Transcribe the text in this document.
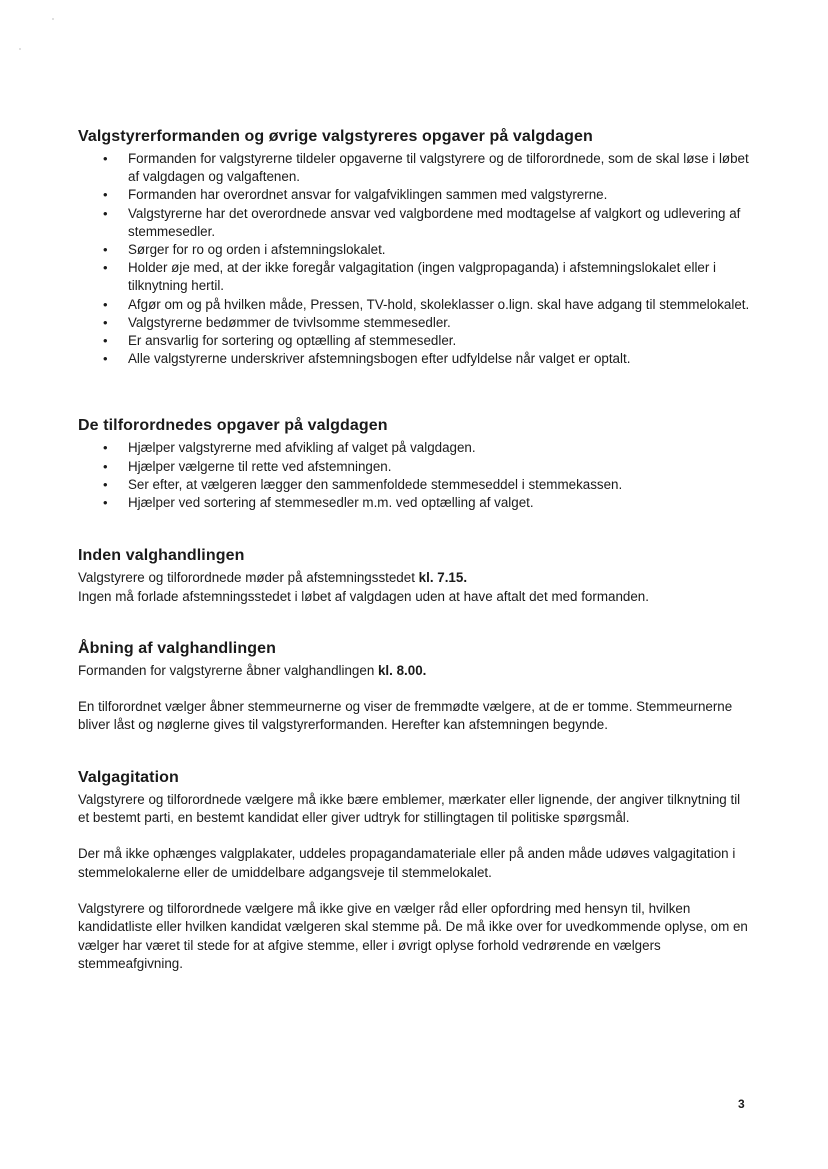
Valgstyrerformanden og øvrige valgstyreres opgaver på valgdagen
• Formanden for valgstyrerne tildeler opgaverne til valgstyrere og de tilforordnede, som de skal løse i løbet af valgdagen og valgaftenen.
• Formanden har overordnet ansvar for valgafviklingen sammen med valgstyrerne.
• Valgstyrerne har det overordnede ansvar ved valgbordene med modtagelse af valgkort og udlevering af stemmesedler.
• Sørger for ro og orden i afstemningslokalet.
• Holder øje med, at der ikke foregår valgagitation (ingen valgpropaganda) i afstemningslokalet eller i tilknytning hertil.
• Afgør om og på hvilken måde, Pressen, TV-hold, skoleklasser o.lign. skal have adgang til stemmelokalet.
• Valgstyrerne bedømmer de tvivlsomme stemmesedler.
• Er ansvarlig for sortering og optælling af stemmesedler.
• Alle valgstyrerne underskriver afstemningsbogen efter udfyldelse når valget er optalt.
De tilforordnedes opgaver på valgdagen
• Hjælper valgstyrerne med afvikling af valget på valgdagen.
• Hjælper vælgerne til rette ved afstemningen.
• Ser efter, at vælgeren lægger den sammenfoldede stemmeseddel i stemmekassen.
• Hjælper ved sortering af stemmesedler m.m. ved optælling af valget.
Inden valghandlingen

Valgstyrere og tilforordnede møder på afstemningsstedet kl. 7.15.

Ingen må forlade afstemningsstedet i løbet af valgdagen uden at have aftalt det med formanden.

Åbning af valghandlingen

Formanden for valgstyrerne åbner valghandlingen kl. 8.00.

En tilforordnet vælger åbner stemmeurnerne og viser de fremmødte vælgere, at de er tomme. Stemmeurnerne bliver låst og nøglerne gives til valgstyrerformanden. Herefter kan afstemningen begynde.

Valgagitation

Valgstyrere og tilforordnede vælgere må ikke bære emblemer, mærkater eller lignende, der angiver tilknytning til et bestemt parti, en bestemt kandidat eller giver udtryk for stillingtagen til politiske spørgsmål.

Der må ikke ophænges valgplakater, uddeles propagandamateriale eller på anden måde udøves valgagitation i stemmelokalerne eller de umiddelbare adgangsveje til stemmelokalet.

Valgstyrere og tilforordnede vælgere må ikke give en vælger råd eller opfordring med hensyn til, hvilken kandidatliste eller hvilken kandidat vælgeren skal stemme på. De må ikke over for uvedkommende oplyse, om en vælger har været til stede for at afgive stemme, eller i øvrigt oplyse forhold vedrørende en vælgers stemmeafgivning.

3
